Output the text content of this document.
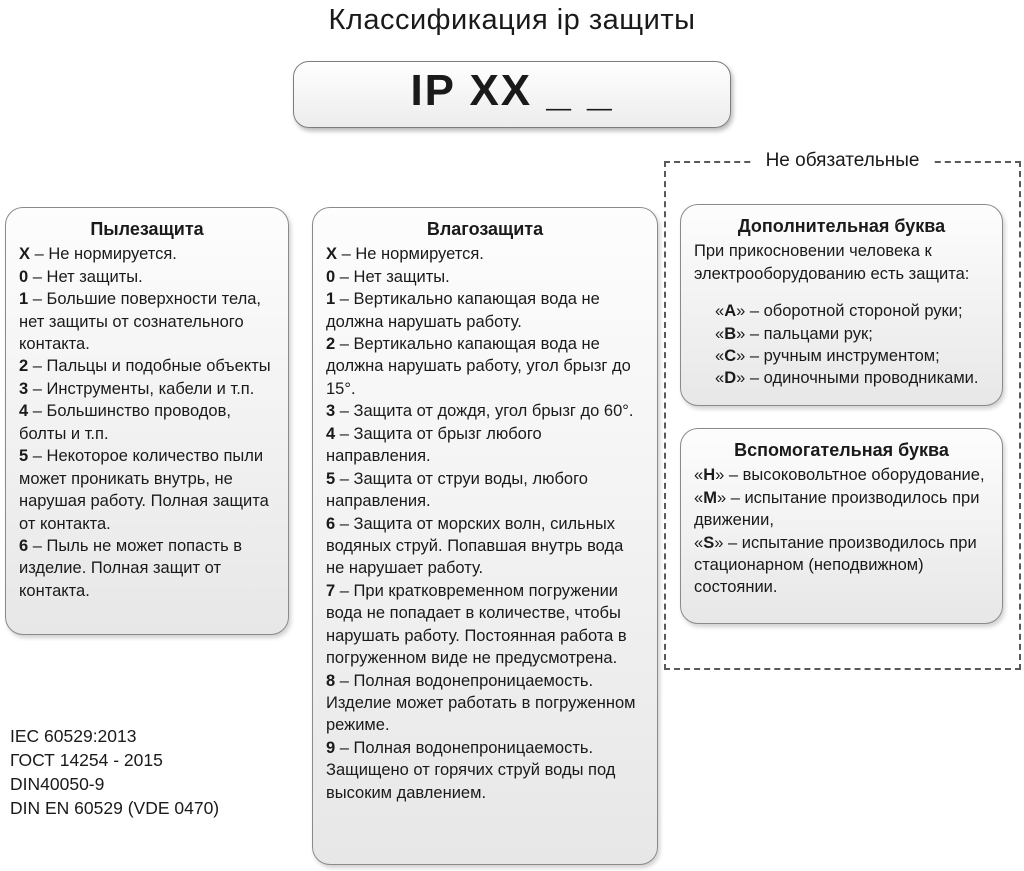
Классификация ip защиты
IP XX _ _
Пылезащита

X – Не нормируется.

0 – Нет защиты.

1 – Большие поверхности тела, нет защиты от сознательного контакта.

2 – Пальцы и подобные объекты

3 – Инструменты, кабели и т.п.

4 – Большинство проводов, болты и т.п.

5 – Некоторое количество пыли может проникать внутрь, не нарушая работу. Полная защита от контакта.

6 – Пыль не может попасть в изделие. Полная защит от контакта.

Влагозащита

X – Не нормируется.

0 – Нет защиты.

1 – Вертикально капающая вода не должна нарушать работу.

2 – Вертикально капающая вода не должна нарушать работу, угол брызг до 15°.

3 – Защита от дождя, угол брызг до 60°.

4 – Защита от брызг любого направления.

5 – Защита от струи воды, любого направления.

6 – Защита от морских волн, сильных водяных струй. Попавшая внутрь вода не нарушает работу.

7 – При кратковременном погружении вода не попадает в количестве, чтобы нарушать работу. Постоянная работа в погруженном виде не предусмотрена.

8 – Полная водонепроницаемость. Изделие может работать в погруженном режиме.

9 – Полная водонепроницаемость. Защищено от горячих струй воды под высоким давлением.

Не обязательные
Дополнительная буква

При прикосновении человека к электрооборудованию есть защита:

«A» – оборотной стороной руки;

«B» – пальцами рук;

«C» – ручным инструментом;

«D» – одиночными проводниками.

Вспомогательная буква

«H» – высоковольтное оборудование,

«M» – испытание производилось при движении,

«S» – испытание производилось при стационарном (неподвижном) состоянии.

IEC 60529:2013

ГОСТ 14254 - 2015

DIN40050-9

DIN EN 60529 (VDE 0470)
